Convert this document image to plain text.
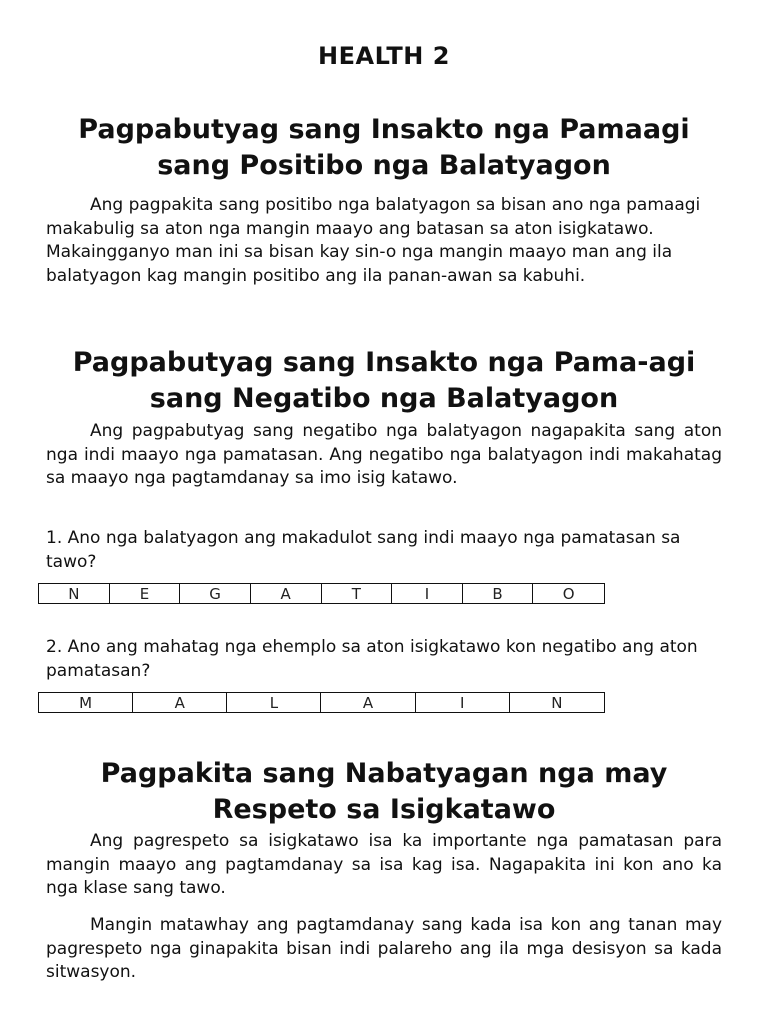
HEALTH 2
Pagpabutyag sang Insakto nga Pamaagi
sang Positibo nga Balatyagon

Ang pagpakita sang positibo nga balatyagon sa bisan ano nga pamaagi makabulig sa aton nga mangin maayo ang batasan sa aton isigkatawo. Makaingganyo man ini sa bisan kay sin-o nga mangin maayo man ang ila balatyagon kag mangin positibo ang ila panan-awan sa kabuhi.

Pagpabutyag sang Insakto nga Pama-agi
sang Negatibo nga Balatyagon

Ang pagpabutyag sang negatibo nga balatyagon nagapakita sang aton nga indi maayo nga pamatasan. Ang negatibo nga balatyagon indi makahatag sa maayo nga pagtamdanay sa imo isig katawo.

1. Ano nga balatyagon ang makadulot sang indi maayo nga pamatasan sa tawo?

N	E	G	A	T	I	B	O

2. Ano ang mahatag nga ehemplo sa aton isigkatawo kon negatibo ang aton pamatasan?

M	A	L	A	I	N
Pagpakita sang Nabatyagan nga may
Respeto sa Isigkatawo

Ang pagrespeto sa isigkatawo isa ka importante nga pamatasan para mangin maayo ang pagtamdanay sa isa kag isa. Nagapakita ini kon ano ka nga klase sang tawo.

Mangin matawhay ang pagtamdanay sang kada isa kon ang tanan may pagrespeto nga ginapakita bisan indi palareho ang ila mga desisyon sa kada sitwasyon.
